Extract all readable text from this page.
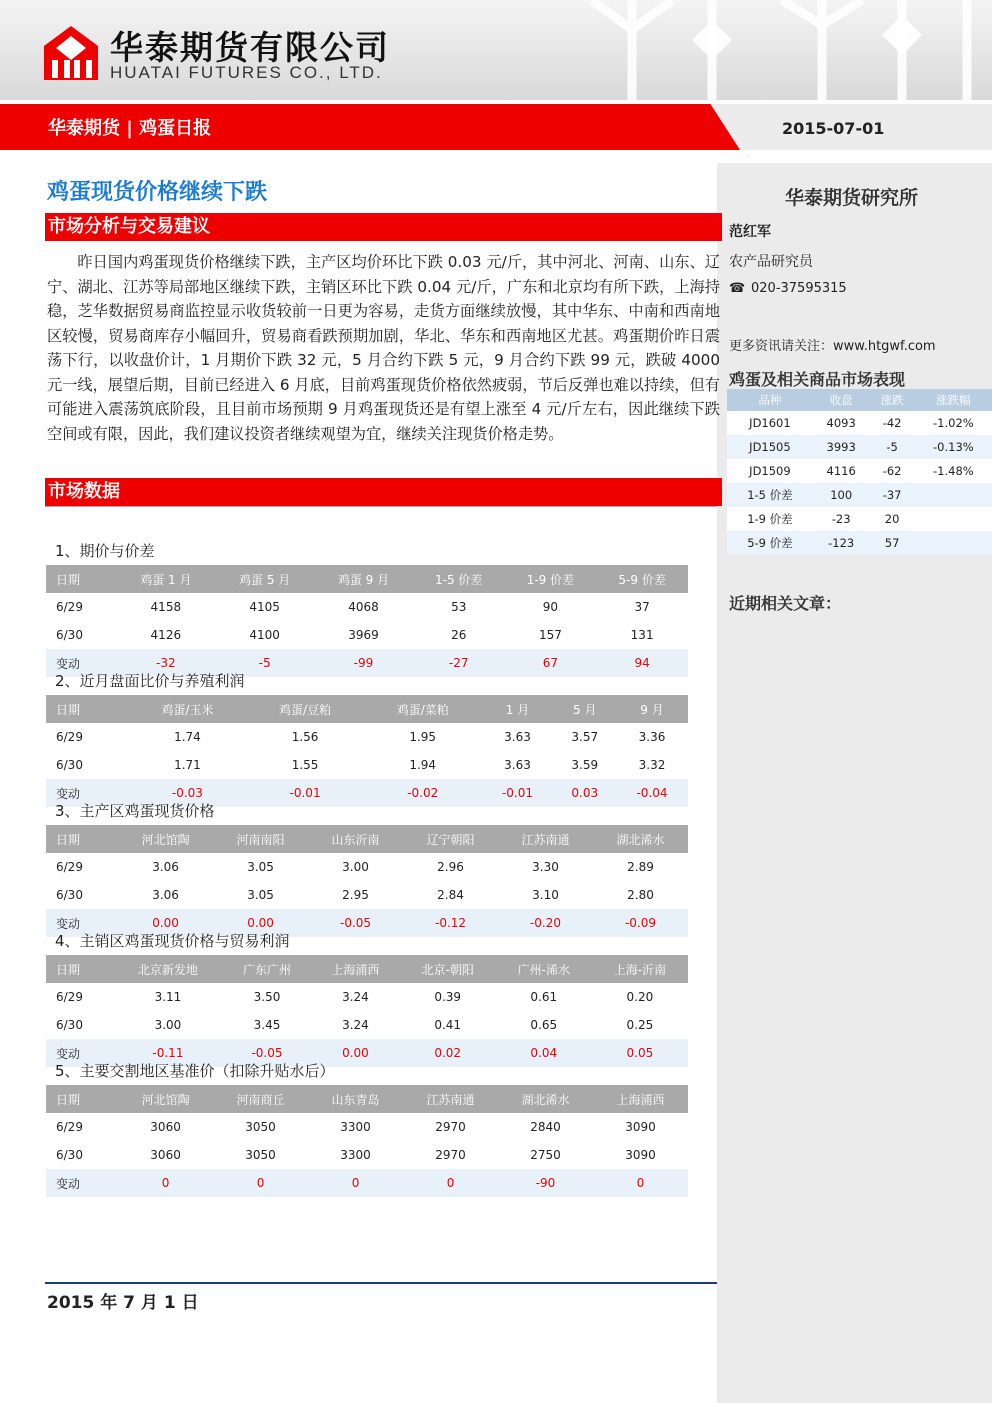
华泰期货有限公司
HUATAI FUTURES CO., LTD.
华泰期货 | 鸡蛋日报	2015-07-01
华泰期货研究所
范红军
农产品研究员
☎ 020-37595315
更多资讯请关注：www.htgwf.com
鸡蛋及相关商品市场表现
品种	收盘	涨跌	涨跌幅
JD1601	4093	-42	-1.02%
JD1505	3993	-5	-0.13%
JD1509	4116	-62	-1.48%
1-5 价差	100	-37	
1-9 价差	-23	20	
5-9 价差	-123	57	
近期相关文章：
鸡蛋现货价格继续下跌
市场分析与交易建议
昨日国内鸡蛋现货价格继续下跌，主产区均价环比下跌 0.03 元/斤，其中河北、河南、山东、辽宁、湖北、江苏等局部地区继续下跌，主销区环比下跌 0.04 元/斤，广东和北京均有所下跌，上海持稳，芝华数据贸易商监控显示收货较前一日更为容易，走货方面继续放慢，其中华东、中南和西南地区较慢，贸易商库存小幅回升，贸易商看跌预期加剧，华北、华东和西南地区尤甚。鸡蛋期价昨日震荡下行，以收盘价计，1 月期价下跌 32 元，5 月合约下跌 5 元，9 月合约下跌 99 元，跌破 4000 元一线，展望后期，目前已经进入 6 月底，目前鸡蛋现货价格依然疲弱，节后反弹也难以持续，但有可能进入震荡筑底阶段，且目前市场预期 9 月鸡蛋现货还是有望上涨至 4 元/斤左右，因此继续下跌空间或有限，因此，我们建议投资者继续观望为宜，继续关注现货价格走势。
市场数据
1、期价与价差
日期	鸡蛋 1 月	鸡蛋 5 月	鸡蛋 9 月	1-5 价差	1-9 价差	5-9 价差
6/29	4158	4105	4068	53	90	37
6/30	4126	4100	3969	26	157	131
变动	-32	-5	-99	-27	67	94
2、近月盘面比价与养殖利润
日期	鸡蛋/玉米	鸡蛋/豆粕	鸡蛋/菜粕	1 月	5 月	9 月
6/29	1.74	1.56	1.95	3.63	3.57	3.36
6/30	1.71	1.55	1.94	3.63	3.59	3.32
变动	-0.03	-0.01	-0.02	-0.01	0.03	-0.04
3、主产区鸡蛋现货价格
日期	河北馆陶	河南南阳	山东沂南	辽宁朝阳	江苏南通	湖北浠水
6/29	3.06	3.05	3.00	2.96	3.30	2.89
6/30	3.06	3.05	2.95	2.84	3.10	2.80
变动	0.00	0.00	-0.05	-0.12	-0.20	-0.09
4、主销区鸡蛋现货价格与贸易利润
日期	北京新发地	广东广州	上海浦西	北京-朝阳	广州-浠水	上海-沂南
6/29	3.11	3.50	3.24	0.39	0.61	0.20
6/30	3.00	3.45	3.24	0.41	0.65	0.25
变动	-0.11	-0.05	0.00	0.02	0.04	0.05
5、主要交割地区基准价（扣除升贴水后）
日期	河北馆陶	河南商丘	山东青岛	江苏南通	湖北浠水	上海浦西
6/29	3060	3050	3300	2970	2840	3090
6/30	3060	3050	3300	2970	2750	3090
变动	0	0	0	0	-90	0
2015 年 7 月 1 日
